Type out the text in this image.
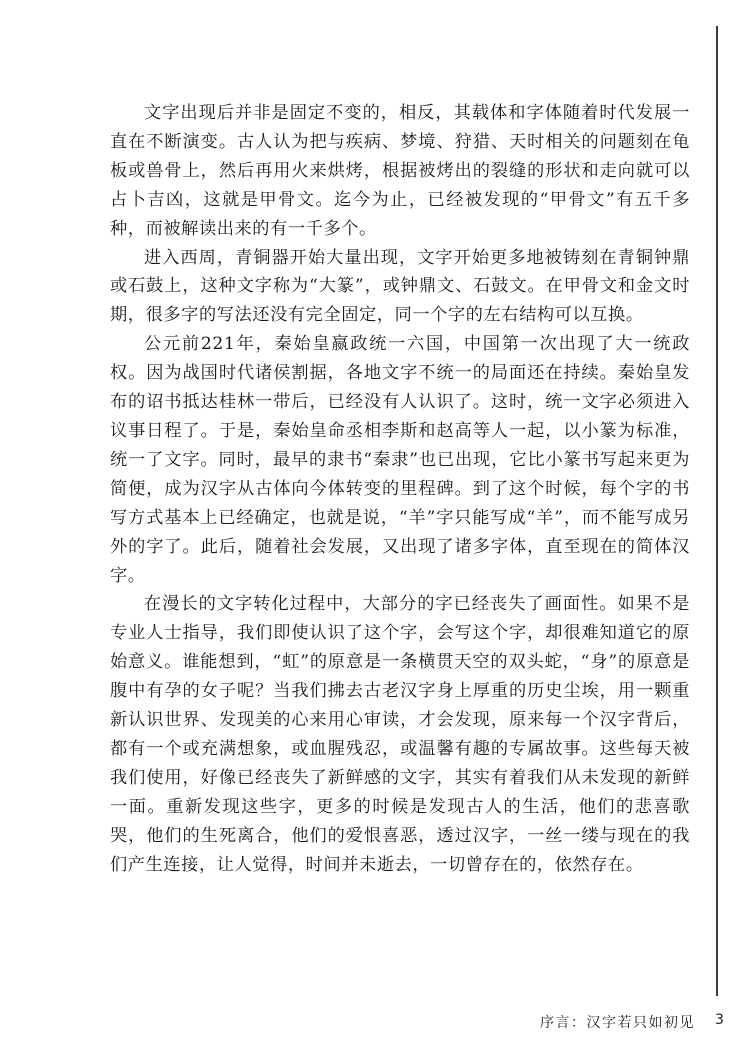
文字出现后并非是固定不变的，相反，其载体和字体随着时代发展一直在不断演变。古人认为把与疾病、梦境、狩猎、天时相关的问题刻在龟板或兽骨上，然后再用火来烘烤，根据被烤出的裂缝的形状和走向就可以占卜吉凶，这就是甲骨文。迄今为止，已经被发现的“甲骨文”有五千多种，而被解读出来的有一千多个。

进入西周，青铜器开始大量出现，文字开始更多地被铸刻在青铜钟鼎或石鼓上，这种文字称为“大篆”，或钟鼎文、石鼓文。在甲骨文和金文时期，很多字的写法还没有完全固定，同一个字的左右结构可以互换。

公元前221年，秦始皇嬴政统一六国，中国第一次出现了大一统政权。因为战国时代诸侯割据，各地文字不统一的局面还在持续。秦始皇发布的诏书抵达桂林一带后，已经没有人认识了。这时，统一文字必须进入议事日程了。于是，秦始皇命丞相李斯和赵高等人一起，以小篆为标准，统一了文字。同时，最早的隶书“秦隶”也已出现，它比小篆书写起来更为简便，成为汉字从古体向今体转变的里程碑。到了这个时候，每个字的书写方式基本上已经确定，也就是说，“羊”字只能写成“羊”，而不能写成另外的字了。此后，随着社会发展，又出现了诸多字体，直至现在的简体汉字。

在漫长的文字转化过程中，大部分的字已经丧失了画面性。如果不是专业人士指导，我们即使认识了这个字，会写这个字，却很难知道它的原始意义。谁能想到，“虹”的原意是一条横贯天空的双头蛇，“身”的原意是腹中有孕的女子呢？当我们拂去古老汉字身上厚重的历史尘埃，用一颗重新认识世界、发现美的心来用心审读，才会发现，原来每一个汉字背后，都有一个或充满想象，或血腥残忍，或温馨有趣的专属故事。这些每天被我们使用，好像已经丧失了新鲜感的文字，其实有着我们从未发现的新鲜一面。重新发现这些字，更多的时候是发现古人的生活，他们的悲喜歌哭，他们的生死离合，他们的爱恨喜恶，透过汉字，一丝一缕与现在的我们产生连接，让人觉得，时间并未逝去，一切曾存在的，依然存在。

序言：汉字若只如初见 3
